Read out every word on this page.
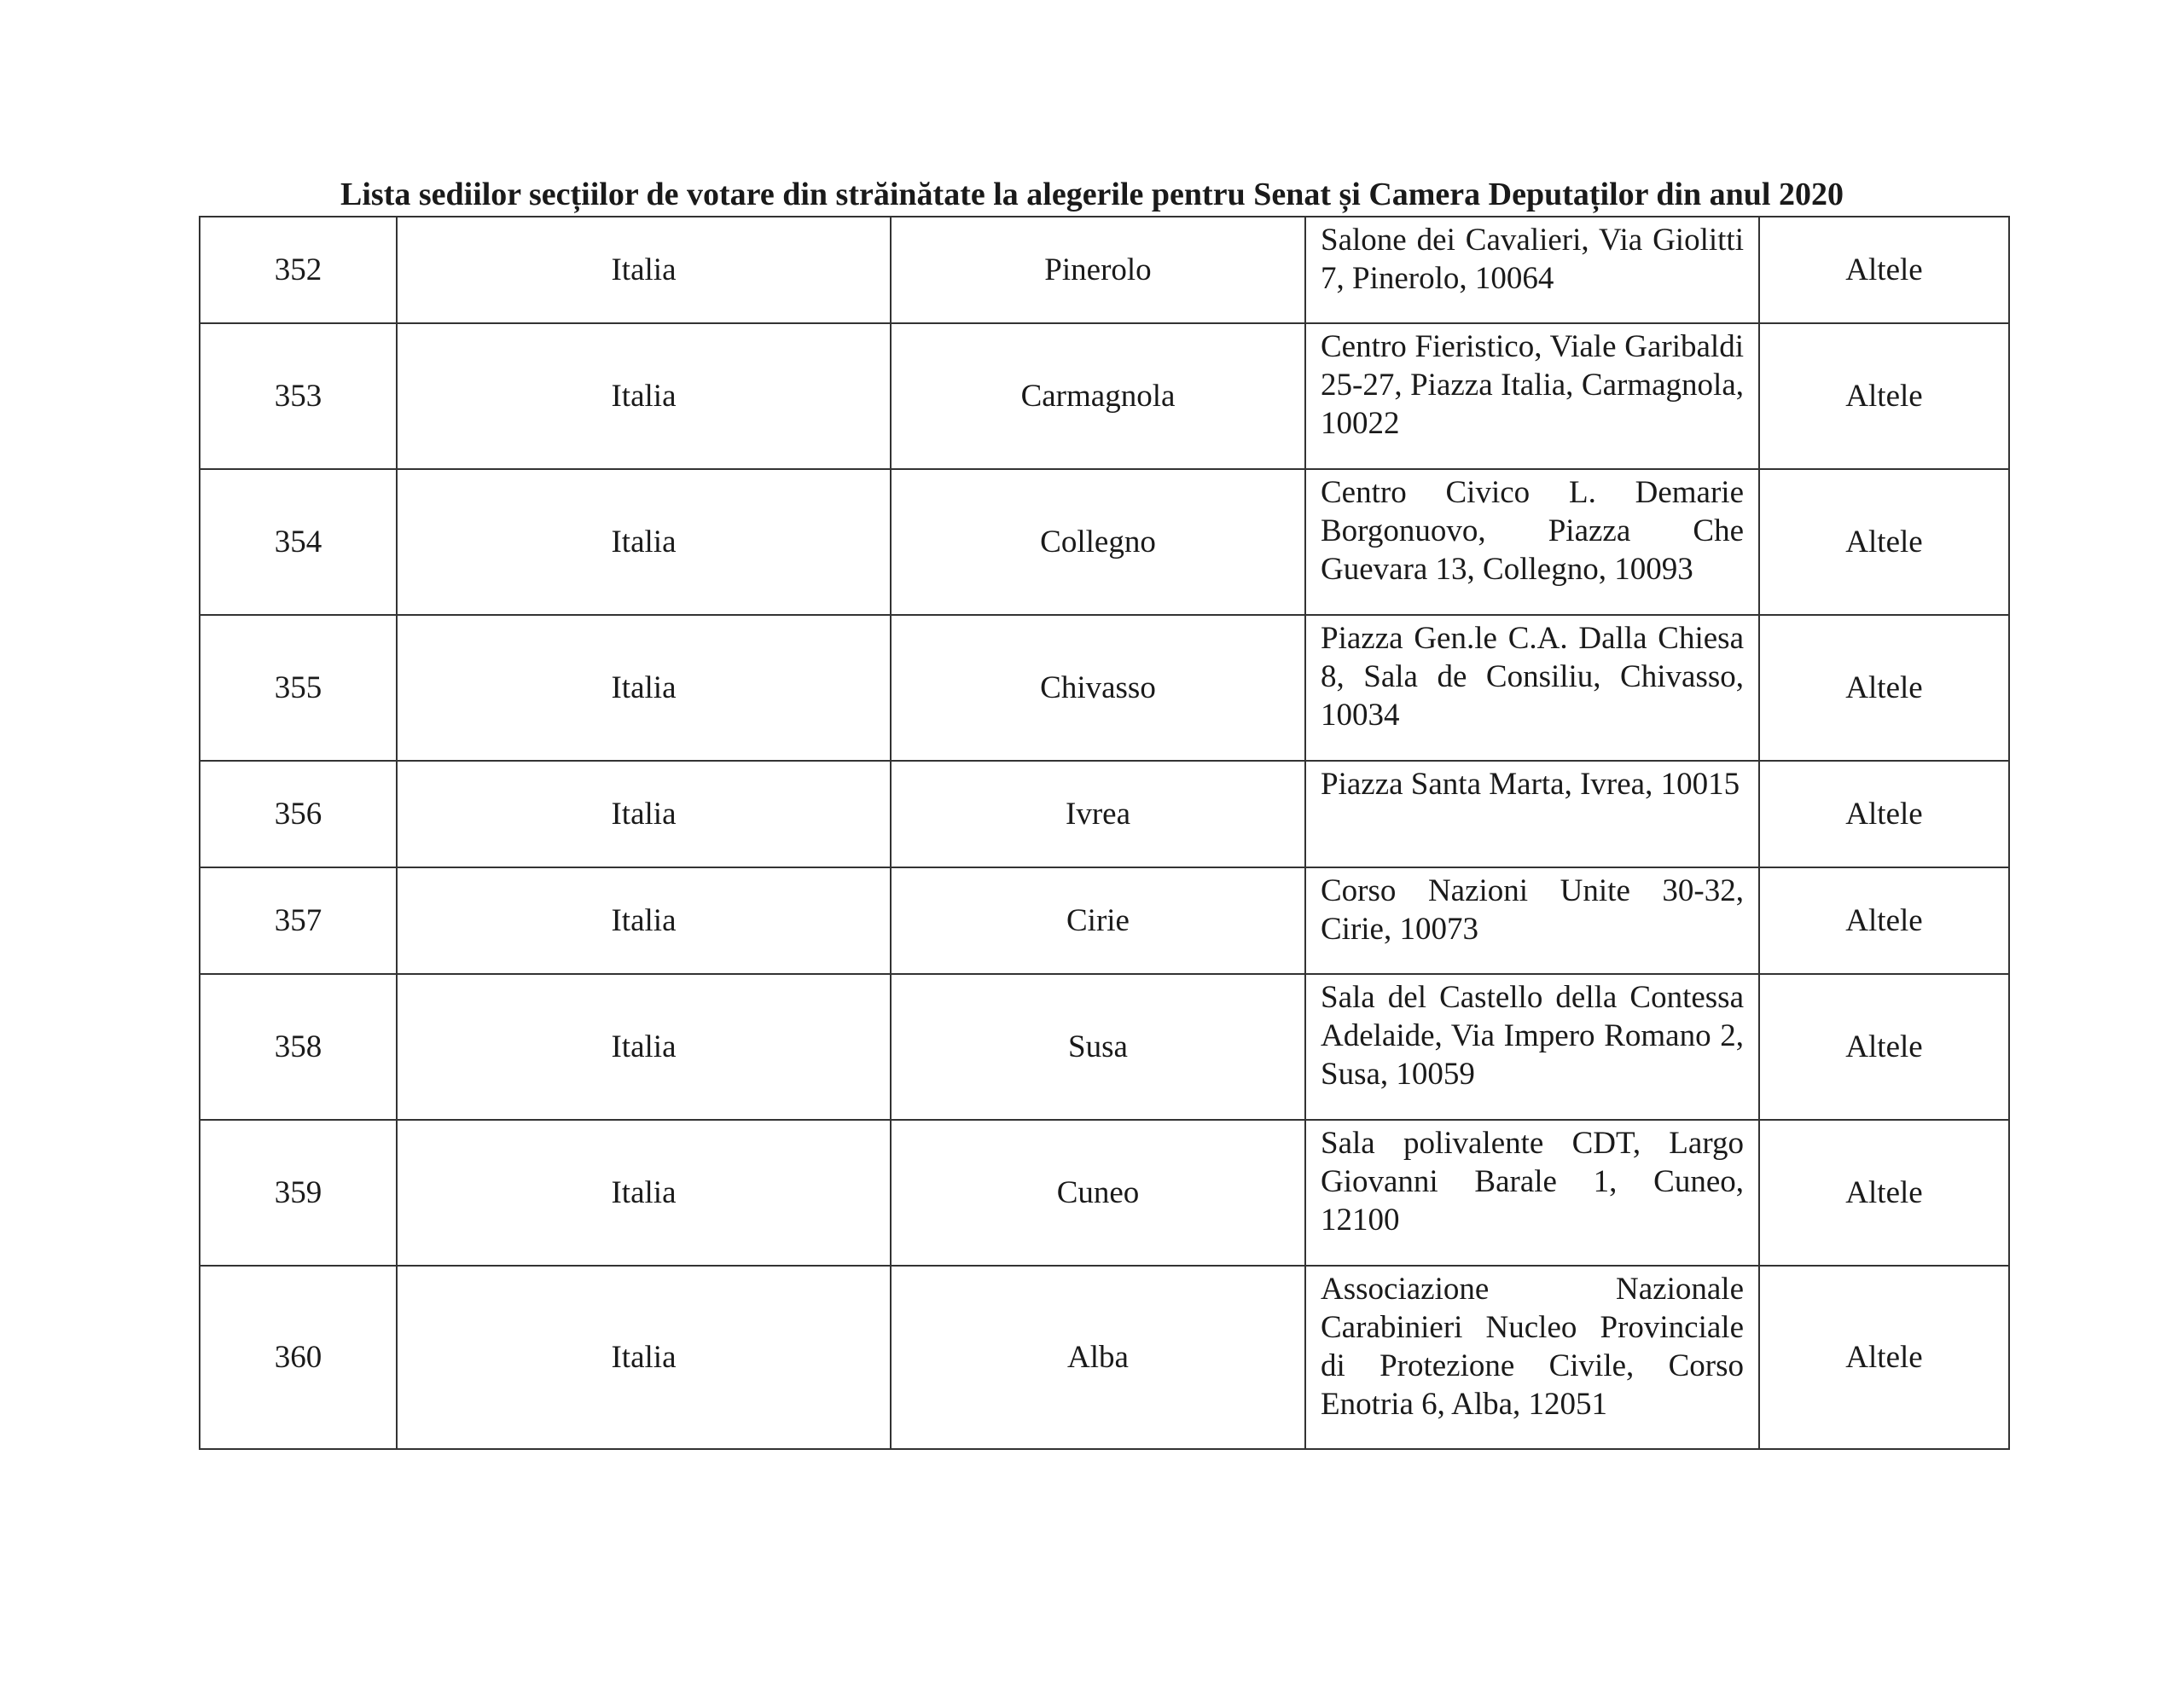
Lista sediilor secțiilor de votare din străinătate la alegerile pentru Senat și Camera Deputaților din anul 2020
352	Italia	Pinerolo	Salone dei Cavalieri, Via Giolitti 7, Pinerolo, 10064	Altele
353	Italia	Carmagnola	Centro Fieristico, Viale Garibaldi 25-27, Piazza Italia, Carmagnola, 10022	Altele
354	Italia	Collegno	Centro Civico L. Demarie Borgonuovo, Piazza Che Guevara 13, Collegno, 10093	Altele
355	Italia	Chivasso	Piazza Gen.le C.A. Dalla Chiesa 8, Sala de Consiliu, Chivasso, 10034	Altele
356	Italia	Ivrea	Piazza Santa Marta, Ivrea, 10015	Altele
357	Italia	Cirie	Corso Nazioni Unite 30-32, Cirie, 10073	Altele
358	Italia	Susa	Sala del Castello della Contessa Adelaide, Via Impero Romano 2, Susa, 10059	Altele
359	Italia	Cuneo	Sala polivalente CDT, Largo Giovanni Barale 1, Cuneo, 12100	Altele
360	Italia	Alba	Associazione Nazionale Carabinieri Nucleo Provinciale di Protezione Civile, Corso Enotria 6, Alba, 12051	Altele
